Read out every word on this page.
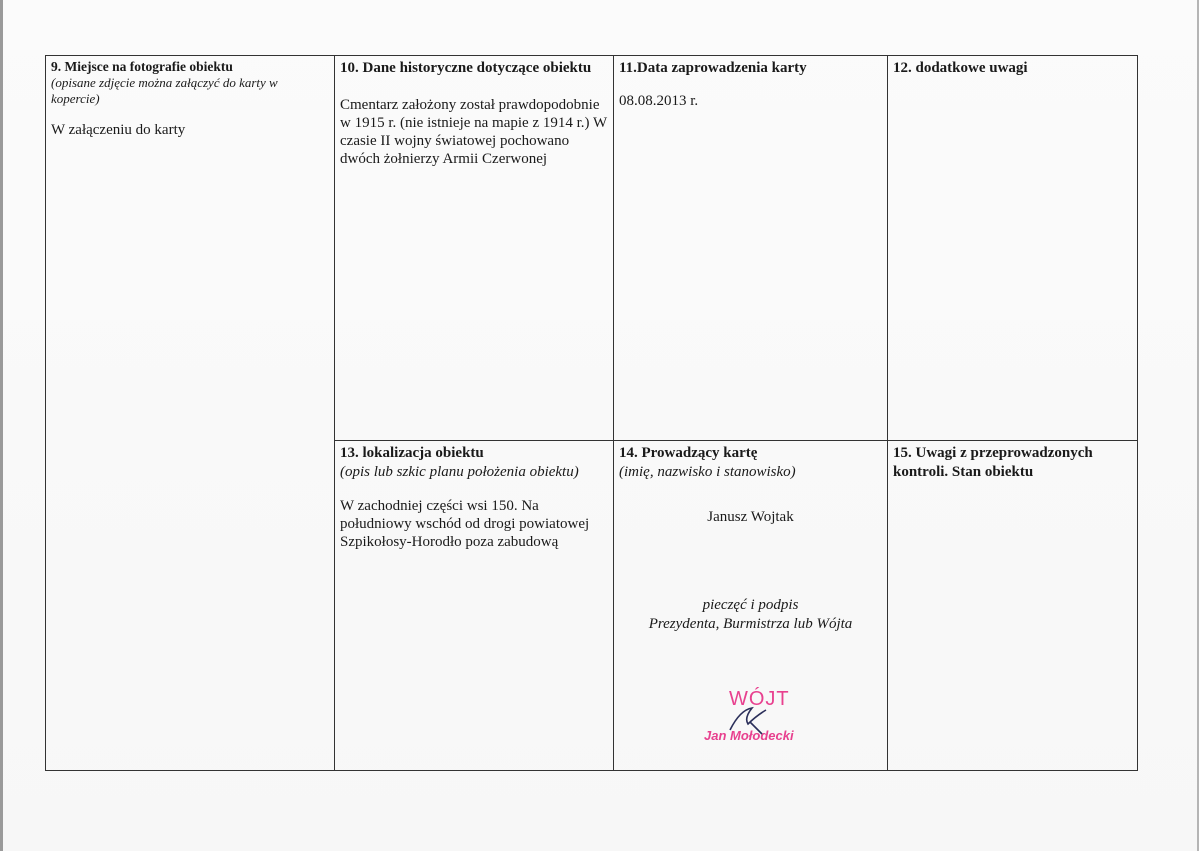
9. Miejsce na fotografie obiektu
(opisane zdjęcie można załączyć do karty w kopercie)
W załączeniu do karty
10. Dane historyczne dotyczące obiektu
Cmentarz założony został prawdopodobnie w 1915 r. (nie istnieje na mapie z 1914 r.) W czasie II wojny światowej pochowano dwóch żołnierzy Armii Czerwonej
11.Data zaprowadzenia karty
08.08.2013 r.
12. dodatkowe uwagi
13. lokalizacja obiektu
(opis lub szkic planu położenia obiektu)
W zachodniej części wsi 150. Na południowy wschód od drogi powiatowej Szpikołosy-Horodło poza zabudową
14. Prowadzący kartę
(imię, nazwisko i stanowisko)
Janusz Wojtak
pieczęć i podpis
Prezydenta, Burmistrza lub Wójta
15. Uwagi z przeprowadzonych kontroli. Stan obiektu
WÓJT
Jan Mołodecki
